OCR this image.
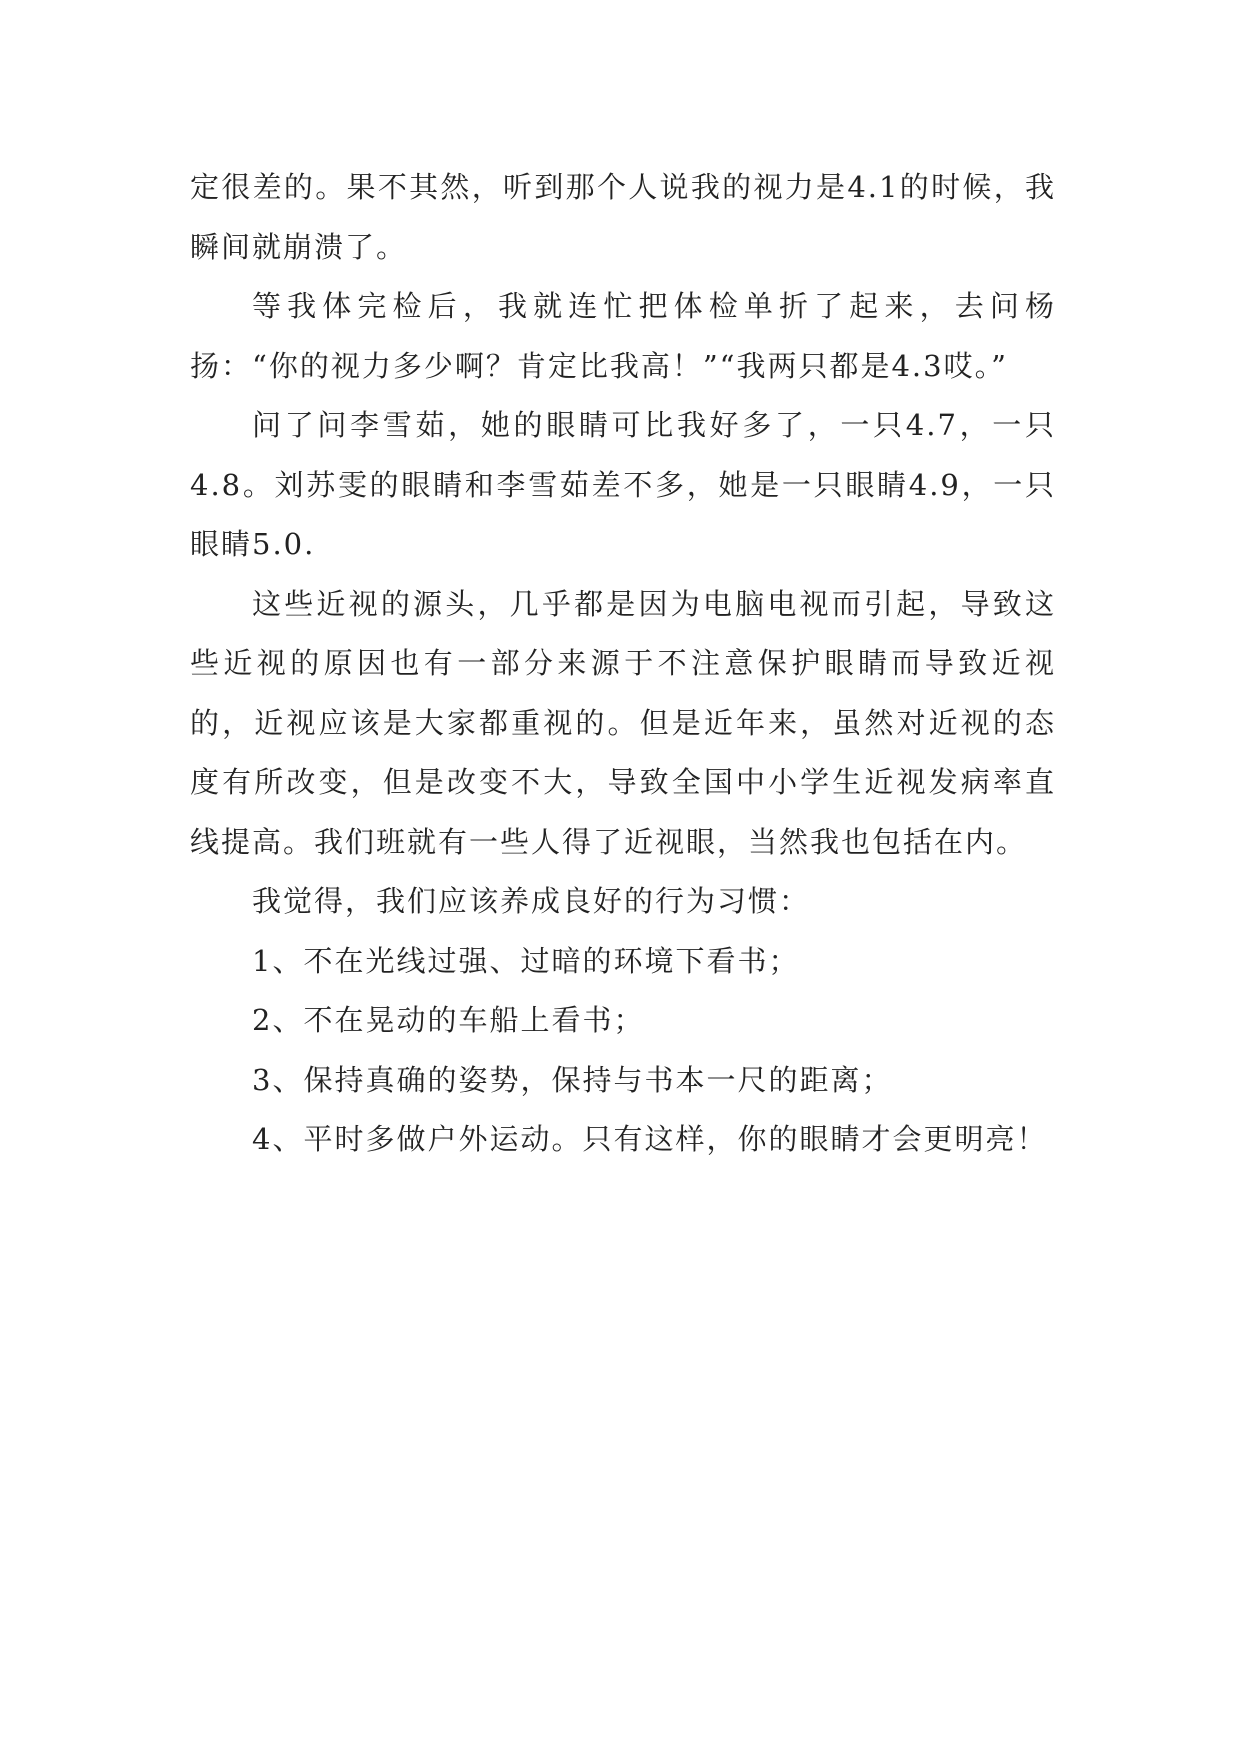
定很差的。果不其然，听到那个人说我的视力是4.1的时候，我瞬间就崩溃了。

等我体完检后，我就连忙把体检单折了起来，去问杨扬：“你的视力多少啊？肯定比我高！”“我两只都是4.3哎。”

问了问李雪茹，她的眼睛可比我好多了，一只4.7，一只4.8。刘苏雯的眼睛和李雪茹差不多，她是一只眼睛4.9，一只眼睛5.0.

这些近视的源头，几乎都是因为电脑电视而引起，导致这些近视的原因也有一部分来源于不注意保护眼睛而导致近视的，近视应该是大家都重视的。但是近年来，虽然对近视的态度有所改变，但是改变不大，导致全国中小学生近视发病率直线提高。我们班就有一些人得了近视眼，当然我也包括在内。

我觉得，我们应该养成良好的行为习惯：

1、不在光线过强、过暗的环境下看书；

2、不在晃动的车船上看书；

3、保持真确的姿势，保持与书本一尺的距离；

4、平时多做户外运动。只有这样，你的眼睛才会更明亮！
